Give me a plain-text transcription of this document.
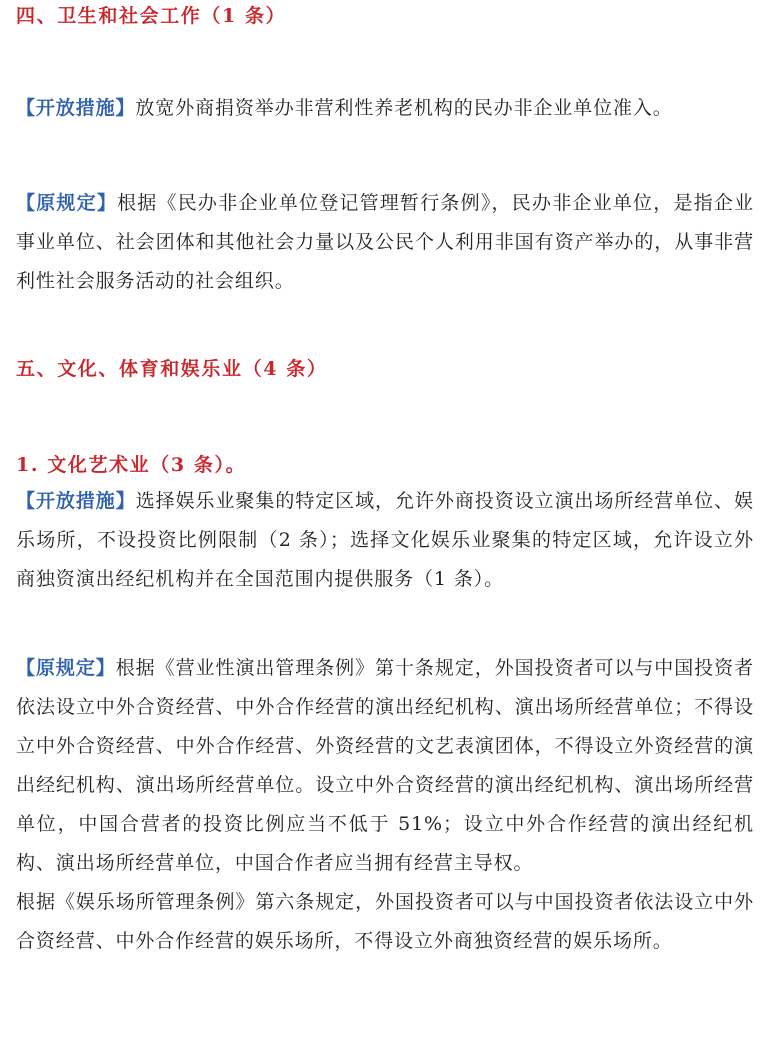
四、卫生和社会工作（1 条）

【开放措施】放宽外商捐资举办非营利性养老机构的民办非企业单位准入。

【原规定】根据《民办非企业单位登记管理暂行条例》，民办非企业单位，是指企业事业单位、社会团体和其他社会力量以及公民个人利用非国有资产举办的，从事非营利性社会服务活动的社会组织。

五、文化、体育和娱乐业（4 条）

1. 文化艺术业（3 条）。

【开放措施】选择娱乐业聚集的特定区域，允许外商投资设立演出场所经营单位、娱乐场所，不设投资比例限制（2 条）；选择文化娱乐业聚集的特定区域，允许设立外商独资演出经纪机构并在全国范围内提供服务（1 条）。

【原规定】根据《营业性演出管理条例》第十条规定，外国投资者可以与中国投资者依法设立中外合资经营、中外合作经营的演出经纪机构、演出场所经营单位；不得设立中外合资经营、中外合作经营、外资经营的文艺表演团体，不得设立外资经营的演出经纪机构、演出场所经营单位。设立中外合资经营的演出经纪机构、演出场所经营单位，中国合营者的投资比例应当不低于 51%；设立中外合作经营的演出经纪机构、演出场所经营单位，中国合作者应当拥有经营主导权。
根据《娱乐场所管理条例》第六条规定，外国投资者可以与中国投资者依法设立中外合资经营、中外合作经营的娱乐场所，不得设立外商独资经营的娱乐场所。
